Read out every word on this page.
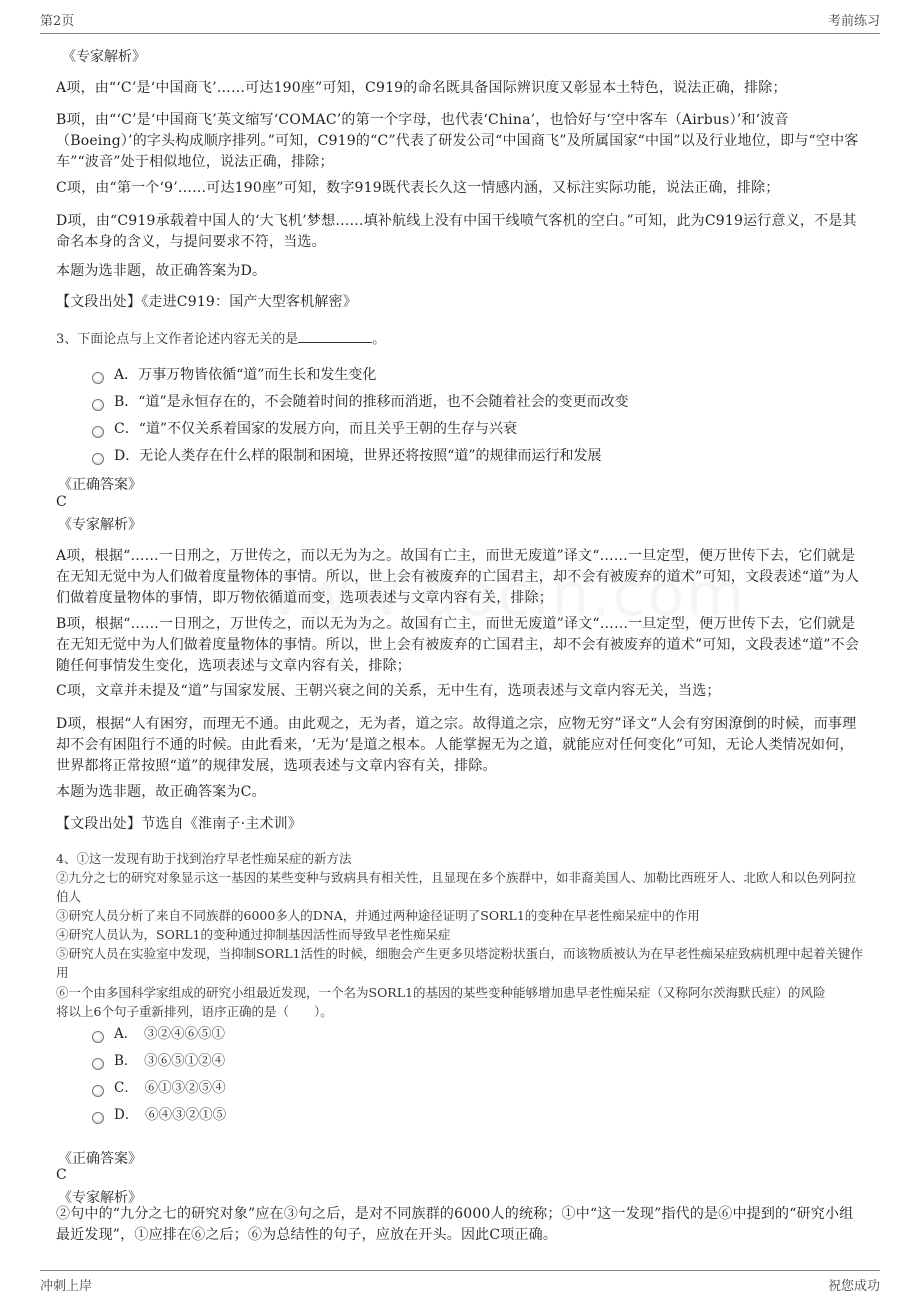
第2页	考前练习

《专家解析》

A项，由“‘C’是‘中国商飞’……可达190座”可知，C919的命名既具备国际辨识度又彰显本土特色，说法正确，排除；

B项，由“‘C’是‘中国商飞’英文缩写‘COMAC’的第一个字母，也代表‘China’，也恰好与‘空中客车（Airbus）’和‘波音（Boeing）’的字头构成顺序排列。”可知，C919的“C”代表了研发公司“中国商飞”及所属国家“中国”以及行业地位，即与“空中客车”“波音”处于相似地位，说法正确，排除；

C项，由“第一个‘9’……可达190座”可知，数字919既代表长久这一情感内涵，又标注实际功能，说法正确，排除；

D项，由“C919承载着中国人的‘大飞机’梦想……填补航线上没有中国干线喷气客机的空白。”可知，此为C919运行意义，不是其命名本身的含义，与提问要求不符，当选。

本题为选非题，故正确答案为D。

【文段出处】《走进C919：国产大型客机解密》

3、下面论点与上文作者论述内容无关的是	。

A．万事万物皆依循“道”而生长和发生变化
B．“道”是永恒存在的，不会随着时间的推移而消逝，也不会随着社会的变更而改变
C．“道”不仅关系着国家的发展方向，而且关乎王朝的生存与兴衰
D．无论人类存在什么样的限制和困境，世界还将按照“道”的规律而运行和发展

《正确答案》

C

《专家解析》

A项，根据“……一日刑之，万世传之，而以无为为之。故国有亡主，而世无废道”译文“……一旦定型，便万世传下去，它们就是在无知无觉中为人们做着度量物体的事情。所以，世上会有被废弃的亡国君主，却不会有被废弃的道术”可知，文段表述“道”为人们做着度量物体的事情，即万物依循道而变，选项表述与文章内容有关，排除；

B项，根据“……一日刑之，万世传之，而以无为为之。故国有亡主，而世无废道”译文“……一旦定型，便万世传下去，它们就是在无知无觉中为人们做着度量物体的事情。所以，世上会有被废弃的亡国君主，却不会有被废弃的道术”可知，文段表述“道”不会随任何事情发生变化，选项表述与文章内容有关，排除；

C项，文章并未提及“道”与国家发展、王朝兴衰之间的关系，无中生有，选项表述与文章内容无关，当选；

D项，根据“人有困穷，而理无不通。由此观之，无为者，道之宗。故得道之宗，应物无穷”译文“人会有穷困潦倒的时候，而事理却不会有困阻行不通的时候。由此看来，‘无为’是道之根本。人能掌握无为之道，就能应对任何变化”可知，无论人类情况如何，世界都将正常按照“道”的规律发展，选项表述与文章内容有关，排除。

本题为选非题，故正确答案为C。

【文段出处】节选自《淮南子·主术训》

4、①这一发现有助于找到治疗早老性痴呆症的新方法

②九分之七的研究对象显示这一基因的某些变种与致病具有相关性，且显现在多个族群中，如非裔美国人、加勒比西班牙人、北欧人和以色列阿拉伯人

③研究人员分析了来自不同族群的6000多人的DNA，并通过两种途径证明了SORL1的变种在早老性痴呆症中的作用

④研究人员认为，SORL1的变种通过抑制基因活性而导致早老性痴呆症

⑤研究人员在实验室中发现，当抑制SORL1活性的时候，细胞会产生更多贝塔淀粉状蛋白，而该物质被认为在早老性痴呆症致病机理中起着关键作用

⑥一个由多国科学家组成的研究小组最近发现，一个名为SORL1的基因的某些变种能够增加患早老性痴呆症（又称阿尔茨海默氏症）的风险

将以上6个句子重新排列，语序正确的是（　　）。

A．　③②④⑥⑤①
B．　③⑥⑤①②④
C．　⑥①③②⑤④
D．　⑥④③②①⑤

《正确答案》

C

《专家解析》

②句中的“九分之七的研究对象”应在③句之后，是对不同族群的6000人的统称；①中“这一发现”指代的是⑥中提到的“研究小组最近发现”，①应排在⑥之后；⑥为总结性的句子，应放在开头。因此C项正确。

冲刺上岸	祝您成功
